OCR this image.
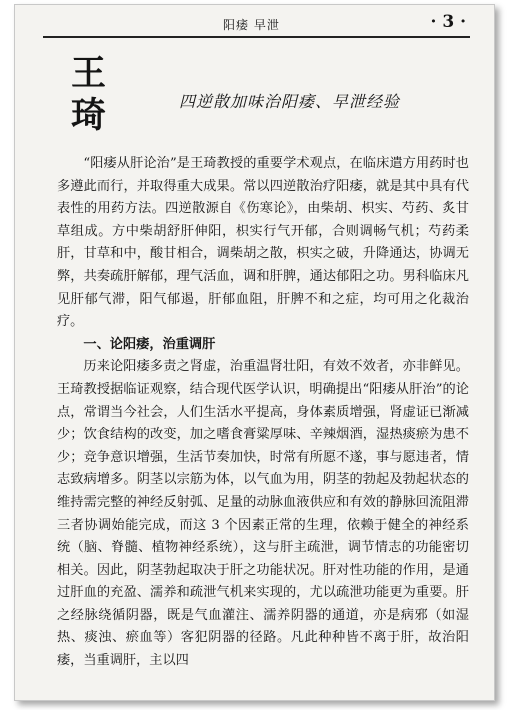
阳痿 早泄	· 3 ·
王
琦	四逆散加味治阳痿、早泄经验

“阳痿从肝论治”是王琦教授的重要学术观点，在临床遣方用药时也多遵此而行，并取得重大成果。常以四逆散治疗阳痿，就是其中具有代表性的用药方法。四逆散源自《伤寒论》，由柴胡、枳实、芍药、炙甘草组成。方中柴胡舒肝伸阳，枳实行气开郁，合则调畅气机；芍药柔肝，甘草和中，酸甘相合，调柴胡之散，枳实之破，升降通达，协调无弊，共奏疏肝解郁，理气活血，调和肝脾，通达郁阳之功。男科临床凡见肝郁气滞，阳气郁遏，肝郁血阻，肝脾不和之症，均可用之化裁治疗。

一、论阳痿，治重调肝

历来论阳痿多责之肾虚，治重温肾壮阳，有效不效者，亦非鲜见。王琦教授据临证观察，结合现代医学认识，明确提出“阳痿从肝治”的论点，常谓当今社会，人们生活水平提高，身体素质增强，肾虚证已渐减少；饮食结构的改变，加之嗜食膏粱厚味、辛辣烟酒，湿热痰瘀为患不少；竞争意识增强，生活节奏加快，时常有所愿不遂，事与愿违者，情志致病增多。阴茎以宗筋为体，以气血为用，阴茎的勃起及勃起状态的维持需完整的神经反射弧、足量的动脉血液供应和有效的静脉回流阻滞三者协调始能完成，而这 3 个因素正常的生理，依赖于健全的神经系统（脑、脊髓、植物神经系统），这与肝主疏泄，调节情志的功能密切相关。因此，阴茎勃起取决于肝之功能状况。肝对性功能的作用，是通过肝血的充盈、濡养和疏泄气机来实现的，尤以疏泄功能更为重要。肝之经脉绕循阴器，既是气血灌注、濡养阴器的通道，亦是病邪（如湿热、痰浊、瘀血等）客犯阴器的径路。凡此种种皆不离于肝，故治阳痿，当重调肝，主以四
